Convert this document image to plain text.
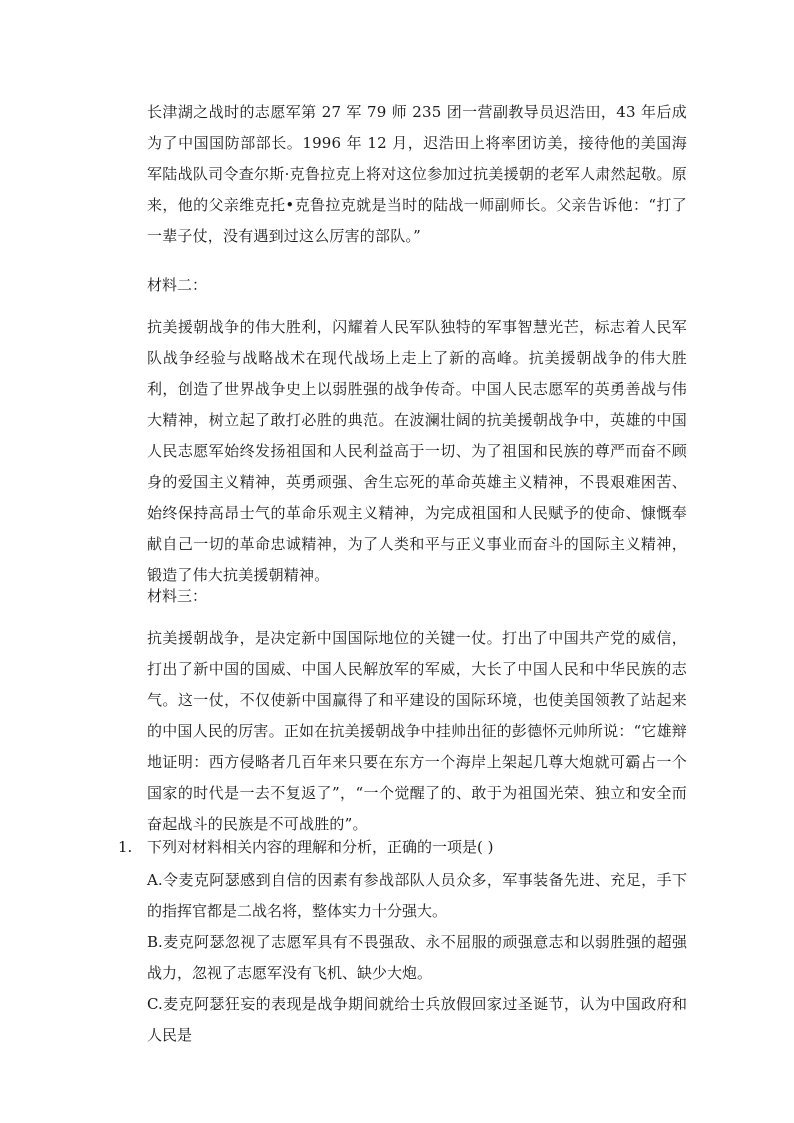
长津湖之战时的志愿军第 27 军 79 师 235 团一营副教导员迟浩田，43 年后成为了中国国防部部长。1996 年 12 月，迟浩田上将率团访美，接待他的美国海军陆战队司令查尔斯·克鲁拉克上将对这位参加过抗美援朝的老军人肃然起敬。原来，他的父亲维克托•克鲁拉克就是当时的陆战一师副师长。父亲告诉他：“打了一辈子仗，没有遇到过这么厉害的部队。”

材料二：

抗美援朝战争的伟大胜利，闪耀着人民军队独特的军事智慧光芒，标志着人民军队战争经验与战略战术在现代战场上走上了新的高峰。抗美援朝战争的伟大胜利，创造了世界战争史上以弱胜强的战争传奇。中国人民志愿军的英勇善战与伟大精神，树立起了敢打必胜的典范。在波澜壮阔的抗美援朝战争中，英雄的中国人民志愿军始终发扬祖国和人民利益高于一切、为了祖国和民族的尊严而奋不顾身的爱国主义精神，英勇顽强、舍生忘死的革命英雄主义精神，不畏艰难困苦、始终保持高昂士气的革命乐观主义精神，为完成祖国和人民赋予的使命、慷慨奉献自己一切的革命忠诚精神，为了人类和平与正义事业而奋斗的国际主义精神，锻造了伟大抗美援朝精神。

材料三：

抗美援朝战争，是决定新中国国际地位的关键一仗。打出了中国共产党的威信，打出了新中国的国威、中国人民解放军的军威，大长了中国人民和中华民族的志气。这一仗，不仅使新中国赢得了和平建设的国际环境，也使美国领教了站起来的中国人民的厉害。正如在抗美援朝战争中挂帅出征的彭德怀元帅所说：“它雄辩地证明：西方侵略者几百年来只要在东方一个海岸上架起几尊大炮就可霸占一个国家的时代是一去不复返了”，“一个觉醒了的、敢于为祖国光荣、独立和安全而奋起战斗的民族是不可战胜的”。

1. 下列对材料相关内容的理解和分析，正确的一项是( )

A.令麦克阿瑟感到自信的因素有参战部队人员众多，军事装备先进、充足，手下的指挥官都是二战名将，整体实力十分强大。

B.麦克阿瑟忽视了志愿军具有不畏强敌、永不屈服的顽强意志和以弱胜强的超强战力，忽视了志愿军没有飞机、缺少大炮。

C.麦克阿瑟狂妄的表现是战争期间就给士兵放假回家过圣诞节，认为中国政府和人民是
